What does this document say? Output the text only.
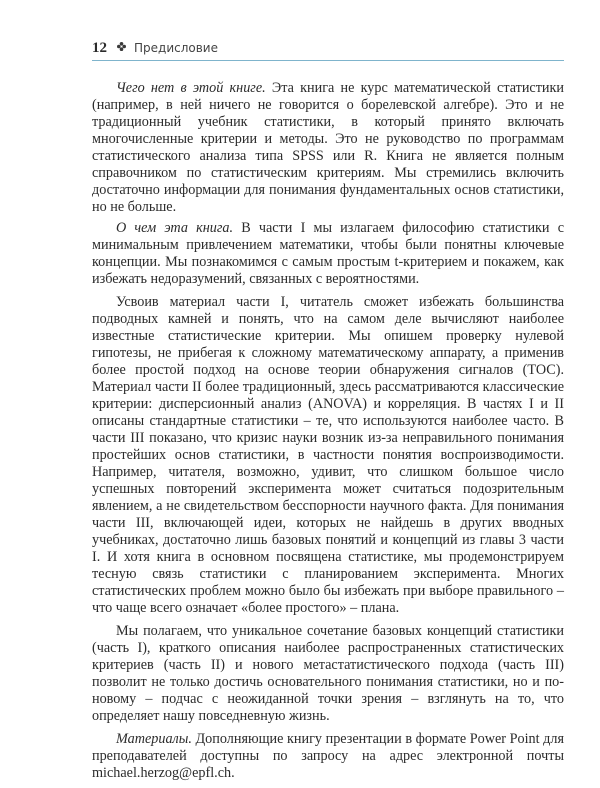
12 Предисловие

Чего нет в этой книге. Эта книга не курс математической статистики (например, в ней ничего не говорится о борелевской алгебре). Это и не традиционный учебник статистики, в который принято включать многочисленные критерии и методы. Это не руководство по программам статистического анализа типа SPSS или R. Книга не является полным справочником по статистическим критериям. Мы стремились включить достаточно информации для понимания фундаментальных основ статистики, но не больше.

О чем эта книга. В части I мы излагаем философию статистики с минимальным привлечением математики, чтобы были понятны ключевые концепции. Мы познакомимся с самым простым t-критерием и покажем, как избежать недоразумений, связанных с вероятностями.

Усвоив материал части I, читатель сможет избежать большинства подводных камней и понять, что на самом деле вычисляют наиболее известные статистические критерии. Мы опишем проверку нулевой гипотезы, не прибегая к сложному математическому аппарату, а применив более простой подход на основе теории обнаружения сигналов (ТОС). Материал части II более традиционный, здесь рассматриваются классические критерии: дисперсионный анализ (ANOVA) и корреляция. В частях I и II описаны стандартные статистики – те, что используются наиболее часто. В части III показано, что кризис науки возник из-за неправильного понимания простейших основ статистики, в частности понятия воспроизводимости. Например, читателя, возможно, удивит, что слишком большое число успешных повторений эксперимента может считаться подозрительным явлением, а не свидетельством бесспорности научного факта. Для понимания части III, включающей идеи, которых не найдешь в других вводных учебниках, достаточно лишь базовых понятий и концепций из главы 3 части I. И хотя книга в основном посвящена статистике, мы продемонстрируем тесную связь статистики с планированием эксперимента. Многих статистических проблем можно было бы избежать при выборе правильного – что чаще всего означает «более простого» – плана.

Мы полагаем, что уникальное сочетание базовых концепций статистики (часть I), краткого описания наиболее распространенных статистических критериев (часть II) и нового метастатистического подхода (часть III) позволит не только достичь основательного понимания статистики, но и по-новому – подчас с неожиданной точки зрения – взглянуть на то, что определяет нашу повседневную жизнь.

Материалы. Дополняющие книгу презентации в формате Power Point для преподавателей доступны по запросу на адрес электронной почты michael.herzog@epfl.ch.
